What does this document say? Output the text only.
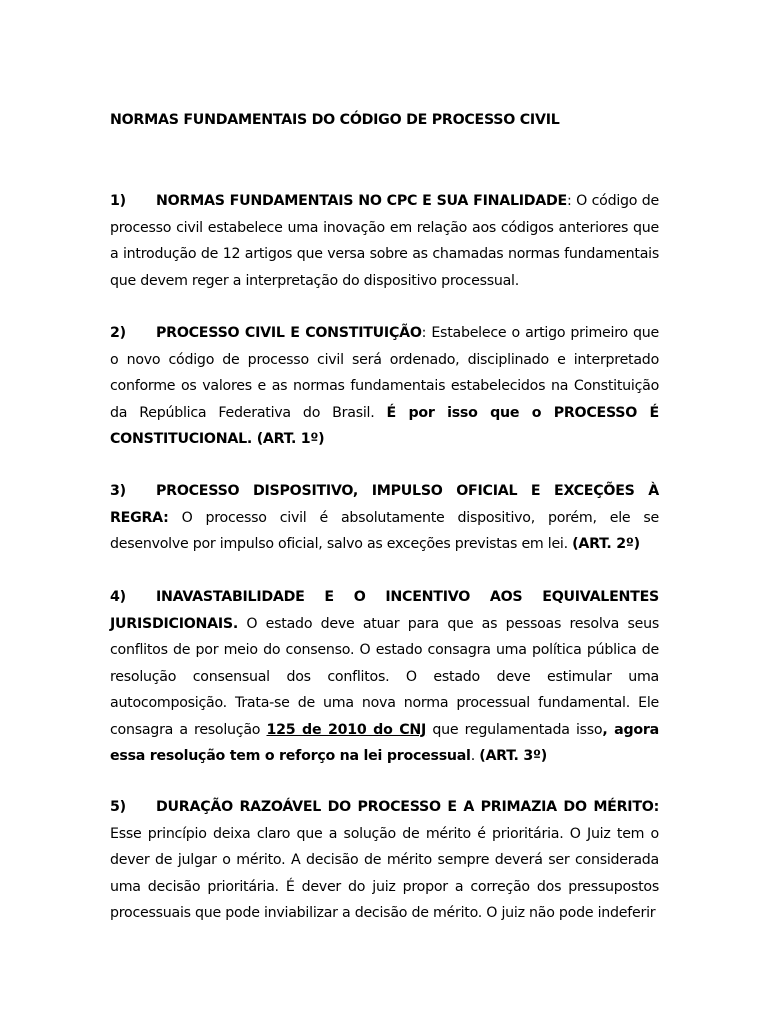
NORMAS FUNDAMENTAIS DO CÓDIGO DE PROCESSO CIVIL

1) NORMAS FUNDAMENTAIS NO CPC E SUA FINALIDADE: O código de processo civil estabelece uma inovação em relação aos códigos anteriores que a introdução de 12 artigos que versa sobre as chamadas normas fundamentais que devem reger a interpretação do dispositivo processual.

2) PROCESSO CIVIL E CONSTITUIÇÃO: Estabelece o artigo primeiro que o novo código de processo civil será ordenado, disciplinado e interpretado conforme os valores e as normas fundamentais estabelecidos na Constituição da República Federativa do Brasil. É por isso que o PROCESSO É CONSTITUCIONAL. (ART. 1º)

3) PROCESSO DISPOSITIVO, IMPULSO OFICIAL E EXCEÇÕES À REGRA: O processo civil é absolutamente dispositivo, porém, ele se desenvolve por impulso oficial, salvo as exceções previstas em lei. (ART. 2º)

4) INAVASTABILIDADE E O INCENTIVO AOS EQUIVALENTES JURISDICIONAIS. O estado deve atuar para que as pessoas resolva seus conflitos de por meio do consenso. O estado consagra uma política pública de resolução consensual dos conflitos. O estado deve estimular uma autocomposição. Trata-se de uma nova norma processual fundamental. Ele consagra a resolução 125 de 2010 do CNJ que regulamentada isso, agora essa resolução tem o reforço na lei processual. (ART. 3º)

5) DURAÇÃO RAZOÁVEL DO PROCESSO E A PRIMAZIA DO MÉRITO: Esse princípio deixa claro que a solução de mérito é prioritária. O Juiz tem o dever de julgar o mérito. A decisão de mérito sempre deverá ser considerada uma decisão prioritária. É dever do juiz propor a correção dos pressupostos processuais que pode inviabilizar a decisão de mérito. O juiz não pode indeferir
